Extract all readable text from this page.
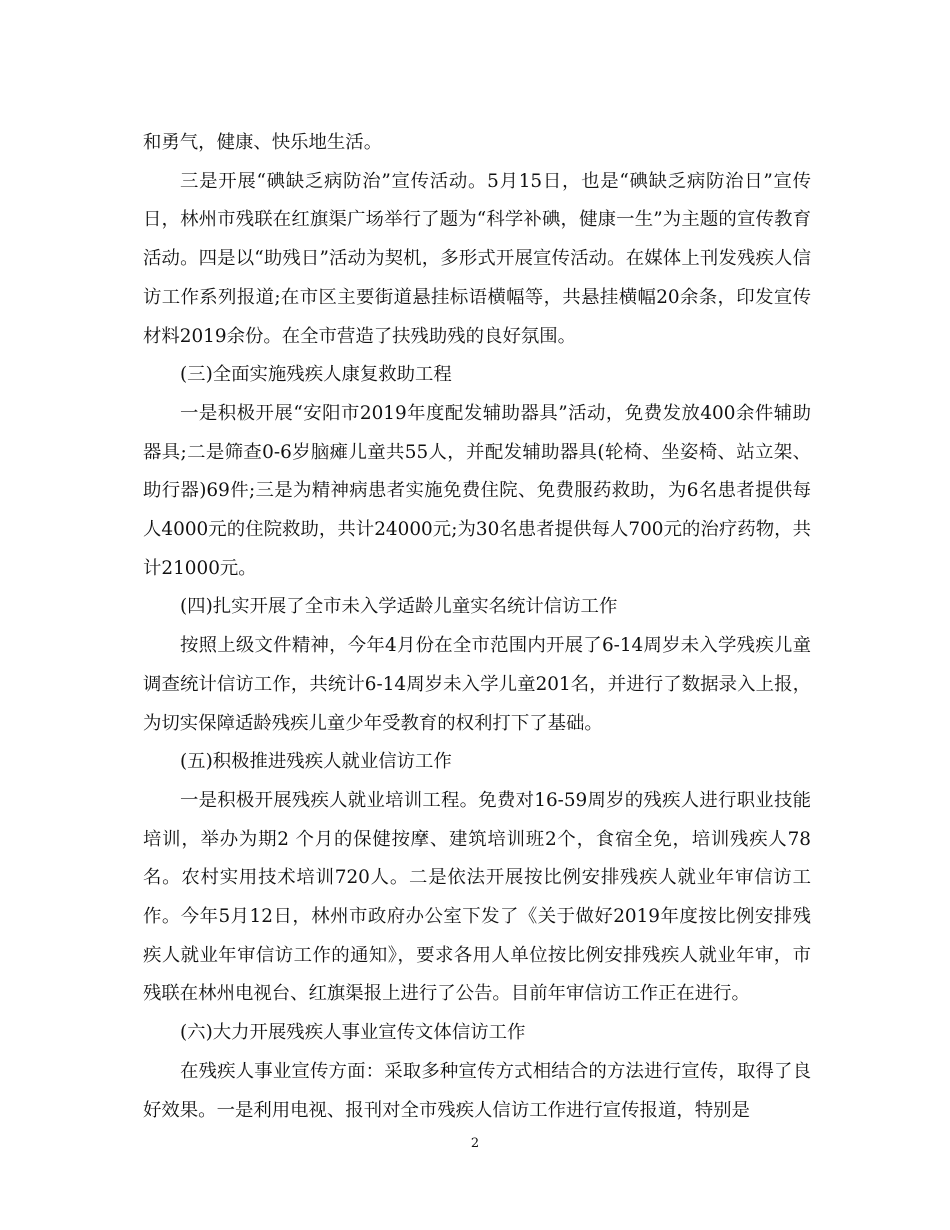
和勇气，健康、快乐地生活。

三是开展“碘缺乏病防治”宣传活动。5月15日，也是“碘缺乏病防治日”宣传日，林州市残联在红旗渠广场举行了题为“科学补碘，健康一生”为主题的宣传教育活动。四是以“助残日”活动为契机，多形式开展宣传活动。在媒体上刊发残疾人信访工作系列报道;在市区主要街道悬挂标语横幅等，共悬挂横幅20余条，印发宣传材料2019余份。在全市营造了扶残助残的良好氛围。

(三)全面实施残疾人康复救助工程

一是积极开展“安阳市2019年度配发辅助器具”活动，免费发放400余件辅助器具;二是筛查0-6岁脑瘫儿童共55人，并配发辅助器具(轮椅、坐姿椅、站立架、助行器)69件;三是为精神病患者实施免费住院、免费服药救助，为6名患者提供每人4000元的住院救助，共计24000元;为30名患者提供每人700元的治疗药物，共计21000元。

(四)扎实开展了全市未入学适龄儿童实名统计信访工作

按照上级文件精神，今年4月份在全市范围内开展了6-14周岁未入学残疾儿童调查统计信访工作，共统计6-14周岁未入学儿童201名，并进行了数据录入上报，为切实保障适龄残疾儿童少年受教育的权利打下了基础。

(五)积极推进残疾人就业信访工作

一是积极开展残疾人就业培训工程。免费对16-59周岁的残疾人进行职业技能培训，举办为期2 个月的保健按摩、建筑培训班2个，食宿全免，培训残疾人78名。农村实用技术培训720人。二是依法开展按比例安排残疾人就业年审信访工作。今年5月12日，林州市政府办公室下发了《关于做好2019年度按比例安排残疾人就业年审信访工作的通知》，要求各用人单位按比例安排残疾人就业年审，市残联在林州电视台、红旗渠报上进行了公告。目前年审信访工作正在进行。

(六)大力开展残疾人事业宣传文体信访工作

在残疾人事业宣传方面：采取多种宣传方式相结合的方法进行宣传，取得了良好效果。一是利用电视、报刊对全市残疾人信访工作进行宣传报道，特别是

2
